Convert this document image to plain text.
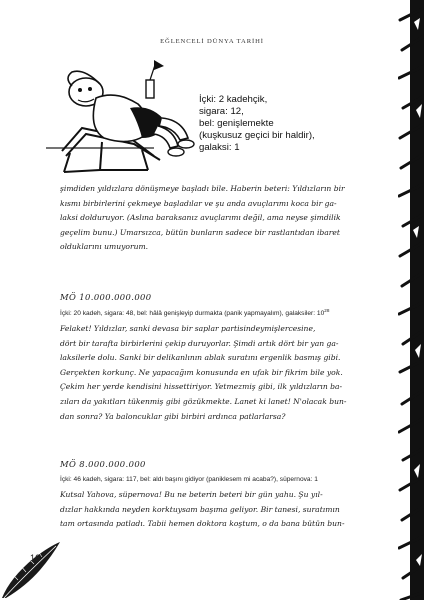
EĞLENCELİ DÜNYA TARİHİ
İçki: 2 kadehçik,
sigara: 12,
bel: genişlemekte
(kuşkusuz geçici bir haldir),
galaksi: 1
şimdiden yıldızlara dönüşmeye başladı bile. Haberin beteri: Yıldızların bir
kısmı birbirlerini çekmeye başladılar ve şu anda avuçlarımı koca bir ga-
laksi dolduruyor. (Aslına baraksanız avuçlarımı değil, ama neyse şimdilik
geçelim bunu.) Umarsızca, bütün bunların sadece bir rastlantıdan ibaret
olduklarını umuyorum.
MÖ 10.000.000.000
İçki: 20 kadeh, sigara: 48, bel: hâlâ genişleyip durmakta (panik yapmayalım), galaksiler: $10^{28}$
Felaket! Yıldızlar, sanki devasa bir saplar partisindeymişlercesine,
dört bir tarafta birbirlerini çekip duruyorlar. Şimdi artık dört bir yan ga-
laksilerle dolu. Sanki bir delikanlının ablak suratını ergenlik basmış gibi.
Gerçekten korkunç. Ne yapacağım konusunda en ufak bir fikrim bile yok.
Çekim her yerde kendisini hissettiriyor. Yetmezmiş gibi, ilk yıldızların ba-
zıları da yakıtları tükenmiş gibi gözükmekte. Lanet ki lanet! N'olacak bun-
dan sonra? Ya baloncuklar gibi birbiri ardınca patlarlarsa?
MÖ 8.000.000.000
İçki: 46 kadeh, sigara: 117, bel: aldı başını gidiyor (paniklesem mi acaba?), süpernova: 1
Kutsal Yahova, süpernova! Bu ne beterin beteri bir gün yahu. Şu yıl-
dızlar hakkında neyden korktuysam başıma geliyor. Bir tanesi, suratımın
tam ortasında patladı. Tabii hemen doktora koştum, o da bana bütün bun-
16
